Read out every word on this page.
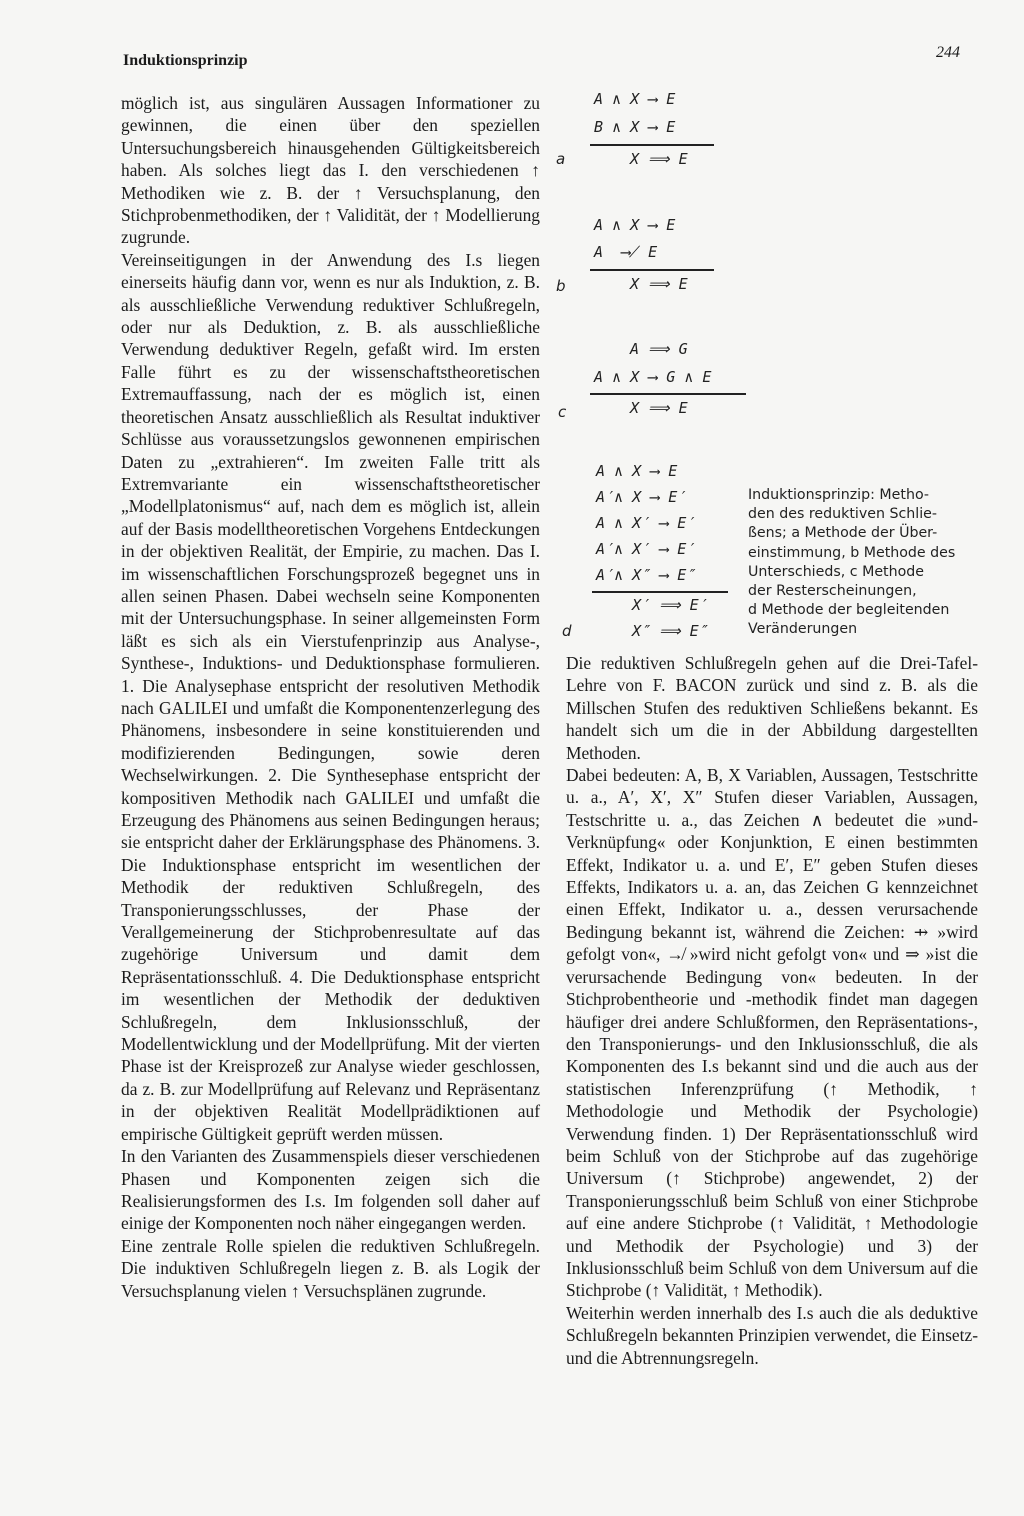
Induktionsprinzip	244

möglich ist, aus singulären Aussagen Informationer zu gewinnen, die einen über den speziellen Untersuchungsbereich hinausgehenden Gültigkeitsbereich haben. Als solches liegt das I. den verschiedenen ↑ Methodiken wie z. B. der ↑ Versuchsplanung, den Stichprobenmethodiken, der ↑ Validität, der ↑ Modellierung zugrunde.

Vereinseitigungen in der Anwendung des I.s liegen einerseits häufig dann vor, wenn es nur als Induktion, z. B. als ausschließliche Verwendung reduktiver Schlußregeln, oder nur als Deduktion, z. B. als ausschließliche Verwendung deduktiver Regeln, gefaßt wird. Im ersten Falle führt es zu der wissenschaftstheoretischen Extremauffassung, nach der es möglich ist, einen theoretischen Ansatz ausschließlich als Resultat induktiver Schlüsse aus voraussetzungslos gewonnenen empirischen Daten zu „extrahieren“. Im zweiten Falle tritt als Extremvariante ein wissenschaftstheoretischer „Modellplatonismus“ auf, nach dem es möglich ist, allein auf der Basis modelltheoretischen Vorgehens Entdeckungen in der objektiven Realität, der Empirie, zu machen. Das I. im wissenschaftlichen Forschungsprozeß begegnet uns in allen seinen Phasen. Dabei wechseln seine Komponenten mit der Untersuchungsphase. In seiner allgemeinsten Form läßt es sich als ein Vierstufenprinzip aus Analyse-, Synthese-, Induktions- und Deduktionsphase formulieren. 1. Die Analysephase entspricht der resolutiven Methodik nach GALILEI und umfaßt die Komponentenzerlegung des Phänomens, insbesondere in seine konstituierenden und modifizierenden Bedingungen, sowie deren Wechselwirkungen. 2. Die Synthesephase entspricht der kompositiven Methodik nach GALILEI und umfaßt die Erzeugung des Phänomens aus seinen Bedingungen heraus; sie entspricht daher der Erklärungsphase des Phänomens. 3. Die Induktionsphase entspricht im wesentlichen der Methodik der reduktiven Schlußregeln, des Transponierungsschlusses, der Phase der Verallgemeinerung der Stichprobenresultate auf das zugehörige Universum und damit dem Repräsentationsschluß. 4. Die Deduktionsphase entspricht im wesentlichen der Methodik der deduktiven Schlußregeln, dem Inklusionsschluß, der Modellentwicklung und der Modellprüfung. Mit der vierten Phase ist der Kreisprozeß zur Analyse wieder geschlossen, da z. B. zur Modellprüfung auf Relevanz und Repräsentanz in der objektiven Realität Modellprädiktionen auf empirische Gültigkeit geprüft werden müssen.

In den Varianten des Zusammenspiels dieser verschiedenen Phasen und Komponenten zeigen sich die Realisierungsformen des I.s. Im folgenden soll daher auf einige der Komponenten noch näher eingegangen werden.

Eine zentrale Rolle spielen die reduktiven Schlußregeln. Die induktiven Schlußregeln liegen z. B. als Logik der Versuchsplanung vielen ↑ Versuchsplänen zugrunde.

A ∧ X ⟶ E
B ∧ X ⟶ E
a	X ⟹ E
A ∧ X ⟶ E
A  ⟶̸ E
b	X ⟹ E
A ⟹ G
A ∧ X ⟶ G ∧ E
c	X ⟹ E
A ∧ X ⟶ E
A′∧ X ⟶ E′
A ∧ X′ ⟶ E′
A′∧ X′ ⟶ E′
A′∧ X″ ⟶ E″
X′ ⟹ E′
d	X″ ⟹ E″
Induktionsprinzip: Metho-
den des reduktiven Schlie-
ßens; a Methode der Über-
einstimmung, b Methode des
Unterschieds, c Methode
der Resterscheinungen,
d Methode der begleitenden
Veränderungen

Die reduktiven Schlußregeln gehen auf die Drei-Tafel-Lehre von F. BACON zurück und sind z. B. als die Millschen Stufen des reduktiven Schließens bekannt. Es handelt sich um die in der Abbildung dargestellten Methoden.

Dabei bedeuten: A, B, X Variablen, Aussagen, Testschritte u. a., A′, X′, X″ Stufen dieser Variablen, Aussagen, Testschritte u. a., das Zeichen ∧ bedeutet die »und-Verknüpfung« oder Konjunktion, E einen bestimmten Effekt, Indikator u. a. und E′, E″ geben Stufen dieses Effekts, Indikators u. a. an, das Zeichen G kennzeichnet einen Effekt, Indikator u. a., dessen verursachende Bedingung bekannt ist, während die Zeichen: ⇸ »wird gefolgt von«, ↛ »wird nicht gefolgt von« und ⇒ »ist die verursachende Bedingung von« bedeuten. In der Stichprobentheorie und -methodik findet man dagegen häufiger drei andere Schlußformen, den Repräsentations-, den Transponierungs- und den Inklusionsschluß, die als Komponenten des I.s bekannt sind und die auch aus der statistischen Inferenzprüfung (↑ Methodik, ↑ Methodologie und Methodik der Psychologie) Verwendung finden. 1) Der Repräsentationsschluß wird beim Schluß von der Stichprobe auf das zugehörige Universum (↑ Stichprobe) angewendet, 2) der Transponierungsschluß beim Schluß von einer Stichprobe auf eine andere Stichprobe (↑ Validität, ↑ Methodologie und Methodik der Psychologie) und 3) der Inklusionsschluß beim Schluß von dem Universum auf die Stichprobe (↑ Validität, ↑ Methodik).

Weiterhin werden innerhalb des I.s auch die als deduktive Schlußregeln bekannten Prinzipien verwendet, die Einsetz- und die Abtrennungsregeln.
